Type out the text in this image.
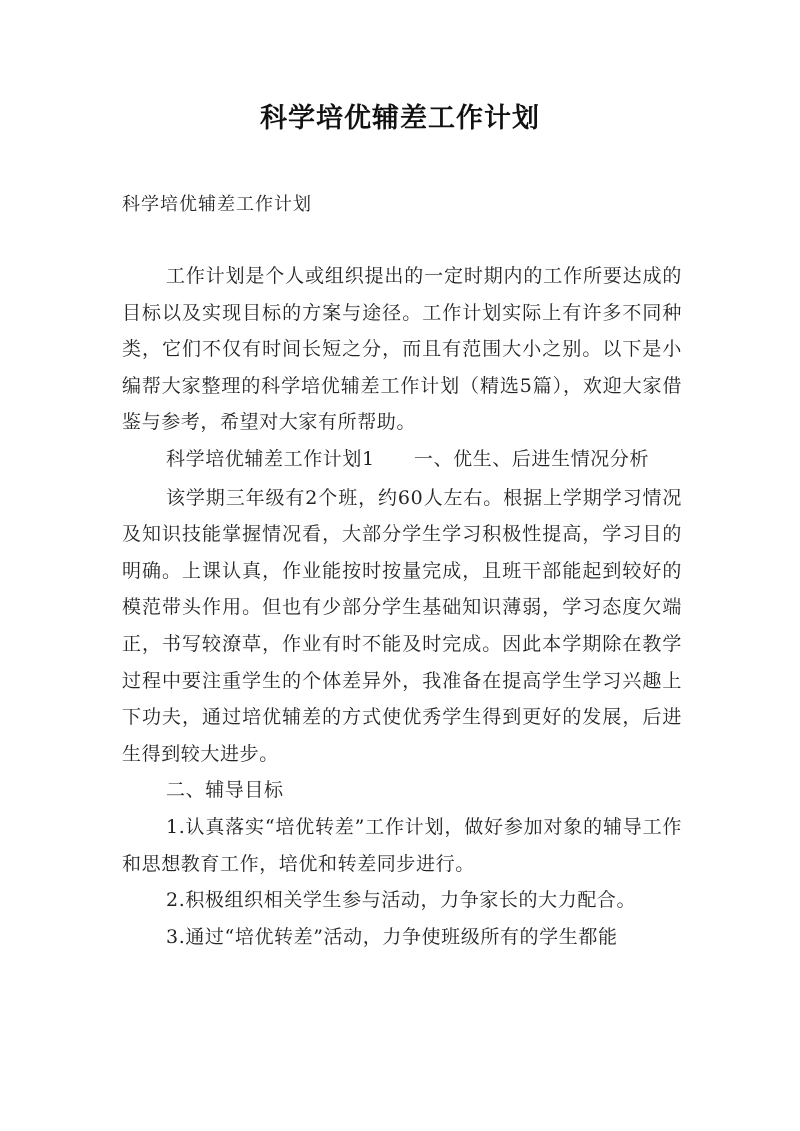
科学培优辅差工作计划
科学培优辅差工作计划

工作计划是个人或组织提出的一定时期内的工作所要达成的目标以及实现目标的方案与途径。工作计划实际上有许多不同种类，它们不仅有时间长短之分，而且有范围大小之别。以下是小编帮大家整理的科学培优辅差工作计划（精选5篇），欢迎大家借鉴与参考，希望对大家有所帮助。

科学培优辅差工作计划1　　一、优生、后进生情况分析

该学期三年级有2个班，约60人左右。根据上学期学习情况及知识技能掌握情况看，大部分学生学习积极性提高，学习目的明确。上课认真，作业能按时按量完成，且班干部能起到较好的模范带头作用。但也有少部分学生基础知识薄弱，学习态度欠端正，书写较潦草，作业有时不能及时完成。因此本学期除在教学过程中要注重学生的个体差异外，我准备在提高学生学习兴趣上下功夫，通过培优辅差的方式使优秀学生得到更好的发展，后进生得到较大进步。

二、辅导目标

1.认真落实“培优转差”工作计划，做好参加对象的辅导工作和思想教育工作，培优和转差同步进行。

2.积极组织相关学生参与活动，力争家长的大力配合。

3.通过“培优转差”活动，力争使班级所有的学生都能
